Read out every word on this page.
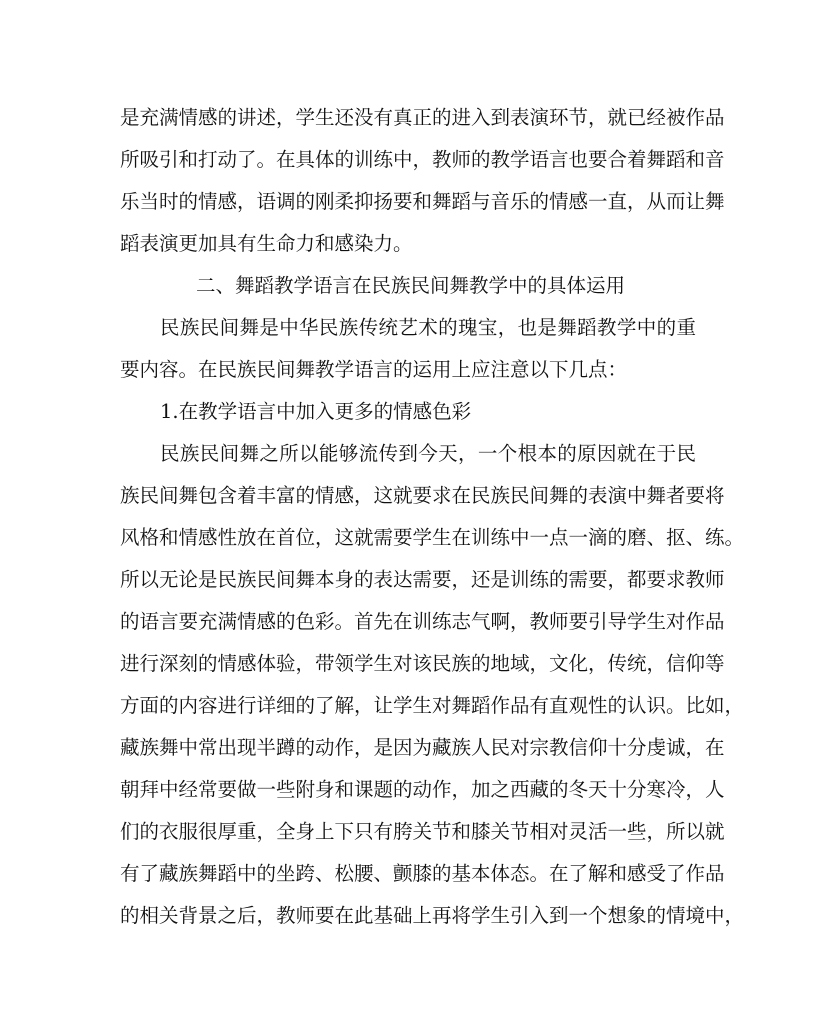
是充满情感的讲述，学生还没有真正的进入到表演环节，就已经被作品
所吸引和打动了。在具体的训练中，教师的教学语言也要合着舞蹈和音
乐当时的情感，语调的刚柔抑扬要和舞蹈与音乐的情感一直，从而让舞
蹈表演更加具有生命力和感染力。
二、舞蹈教学语言在民族民间舞教学中的具体运用
民族民间舞是中华民族传统艺术的瑰宝，也是舞蹈教学中的重
要内容。在民族民间舞教学语言的运用上应注意以下几点：
1.在教学语言中加入更多的情感色彩
民族民间舞之所以能够流传到今天，一个根本的原因就在于民
族民间舞包含着丰富的情感，这就要求在民族民间舞的表演中舞者要将
风格和情感性放在首位，这就需要学生在训练中一点一滴的磨、抠、练。
所以无论是民族民间舞本身的表达需要，还是训练的需要，都要求教师
的语言要充满情感的色彩。首先在训练志气啊，教师要引导学生对作品
进行深刻的情感体验，带领学生对该民族的地域，文化，传统，信仰等
方面的内容进行详细的了解，让学生对舞蹈作品有直观性的认识。比如，
藏族舞中常出现半蹲的动作，是因为藏族人民对宗教信仰十分虔诚，在
朝拜中经常要做一些附身和课题的动作，加之西藏的冬天十分寒冷，人
们的衣服很厚重，全身上下只有胯关节和膝关节相对灵活一些，所以就
有了藏族舞蹈中的坐跨、松腰、颤膝的基本体态。在了解和感受了作品
的相关背景之后，教师要在此基础上再将学生引入到一个想象的情境中，
